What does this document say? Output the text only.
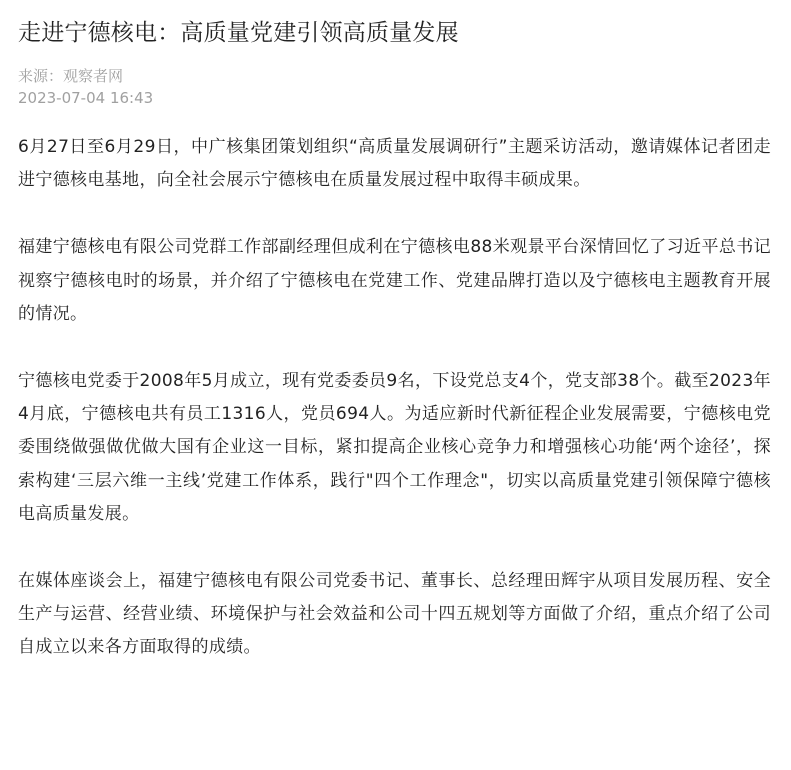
走进宁德核电：高质量党建引领高质量发展
来源：观察者网
2023-07-04 16:43

6月27日至6月29日，中广核集团策划组织“高质量发展调研行”主题采访活动，邀请媒体记者团走进宁德核电基地，向全社会展示宁德核电在质量发展过程中取得丰硕成果。

福建宁德核电有限公司党群工作部副经理但成利在宁德核电88米观景平台深情回忆了习近平总书记视察宁德核电时的场景，并介绍了宁德核电在党建工作、党建品牌打造以及宁德核电主题教育开展的情况。

宁德核电党委于2008年5月成立，现有党委委员9名，下设党总支4个，党支部38个。截至2023年4月底，宁德核电共有员工1316人，党员694人。为适应新时代新征程企业发展需要，宁德核电党委围绕做强做优做大国有企业这一目标，紧扣提高企业核心竞争力和增强核心功能‘两个途径’，探索构建‘三层六维一主线’党建工作体系，践行"四个工作理念"，切实以高质量党建引领保障宁德核电高质量发展。

在媒体座谈会上，福建宁德核电有限公司党委书记、董事长、总经理田辉宇从项目发展历程、安全生产与运营、经营业绩、环境保护与社会效益和公司十四五规划等方面做了介绍，重点介绍了公司自成立以来各方面取得的成绩。
